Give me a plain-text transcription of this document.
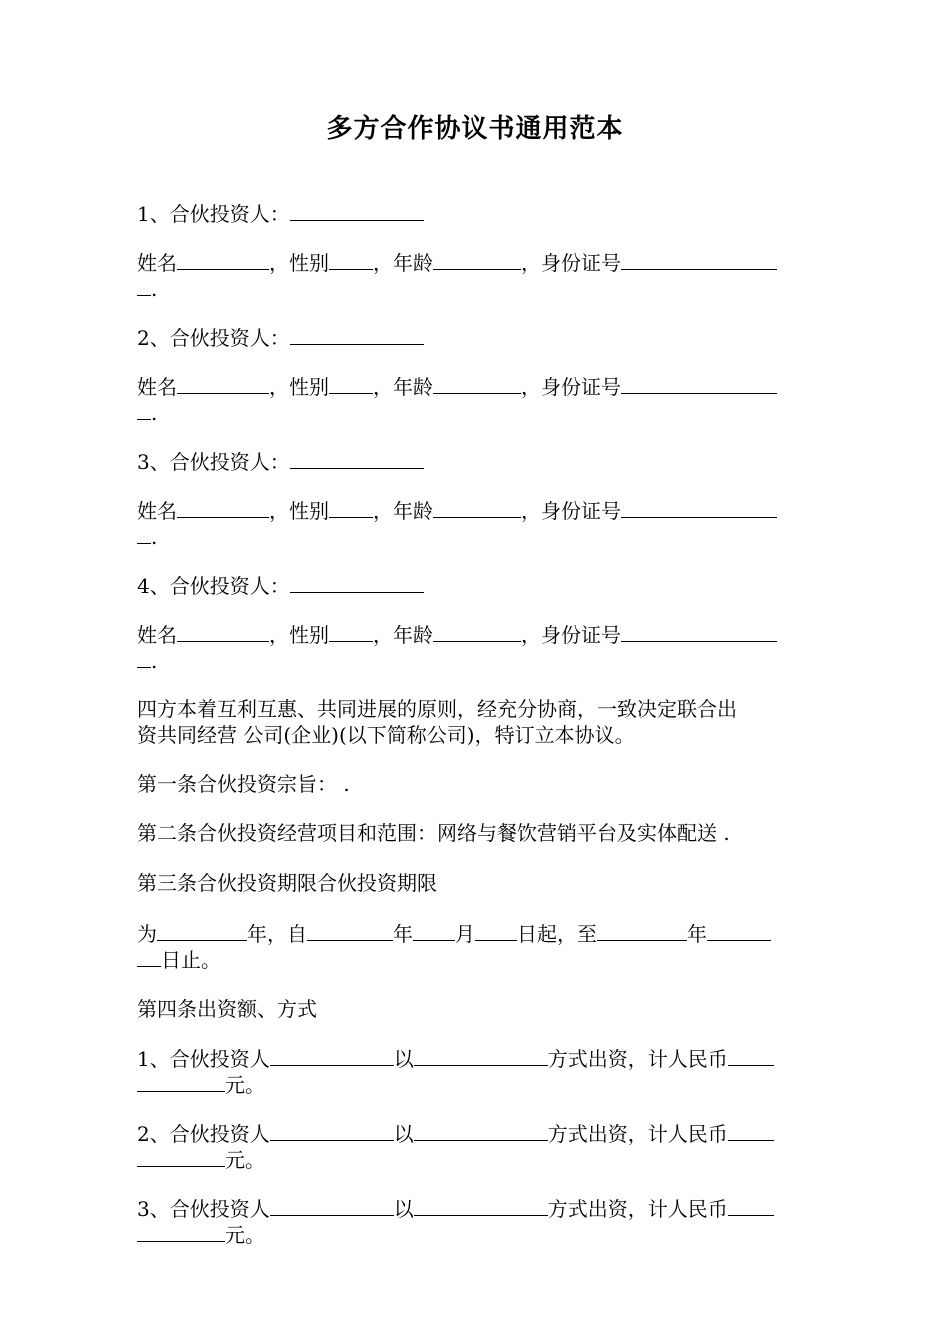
多方合作协议书通用范本
1、合伙投资人：
姓名	，性别 ，年龄	，身份证号
.
2、合伙投资人：
姓名	，性别 ，年龄	，身份证号
.
3、合伙投资人：
姓名	，性别 ，年龄	，身份证号
.
4、合伙投资人：
姓名	，性别 ，年龄	，身份证号
.
四方本着互利互惠、共同进展的原则，经充分协商，一致决定联合出
资共同经营 公司(企业)(以下简称公司)，特订立本协议。
第一条合伙投资宗旨： .
第二条合伙投资经营项目和范围：网络与餐饮营销平台及实体配送 .
第三条合伙投资期限合伙投资期限
为	年，自	年 月 日起，至	年
日止。
第四条出资额、方式
1、合伙投资人	以	方式出资，计人民币
元。
2、合伙投资人	以	方式出资，计人民币
元。
3、合伙投资人	以	方式出资，计人民币
元。
